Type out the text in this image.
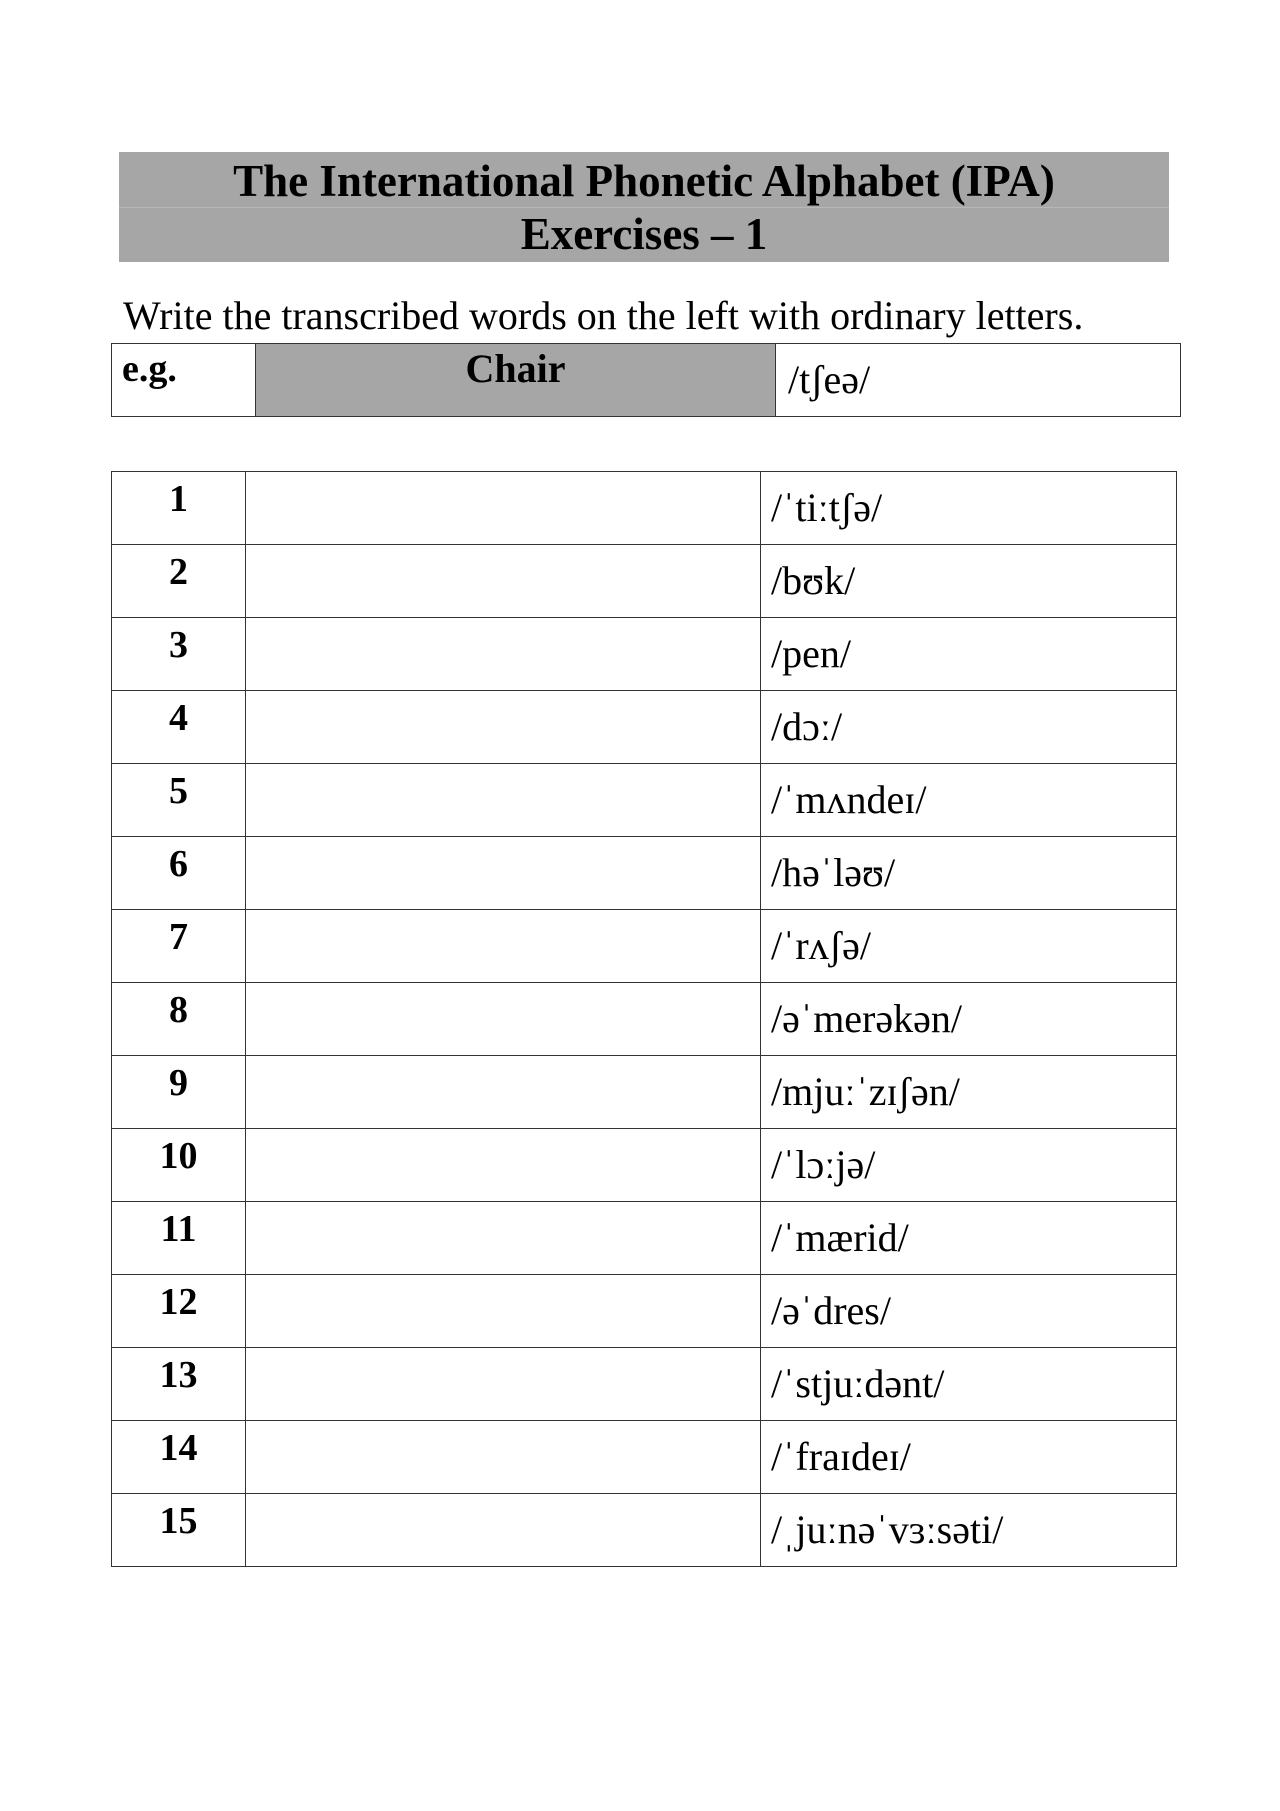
The International Phonetic Alphabet (IPA)
Exercises – 1
Write the transcribed words on the left with ordinary letters.
e.g.	Chair	/tʃeə/
1		/ˈtiːtʃə/
2		/bʊk/
3		/pen/
4		/dɔː/
5		/ˈmʌndeɪ/
6		/həˈləʊ/
7		/ˈrʌʃə/
8		/əˈmerəkən/
9		/mjuːˈzɪʃən/
10		/ˈlɔːjə/
11		/ˈmærid/
12		/əˈdres/
13		/ˈstjuːdənt/
14		/ˈfraɪdeɪ/
15		/ˌjuːnəˈvɜːsəti/
